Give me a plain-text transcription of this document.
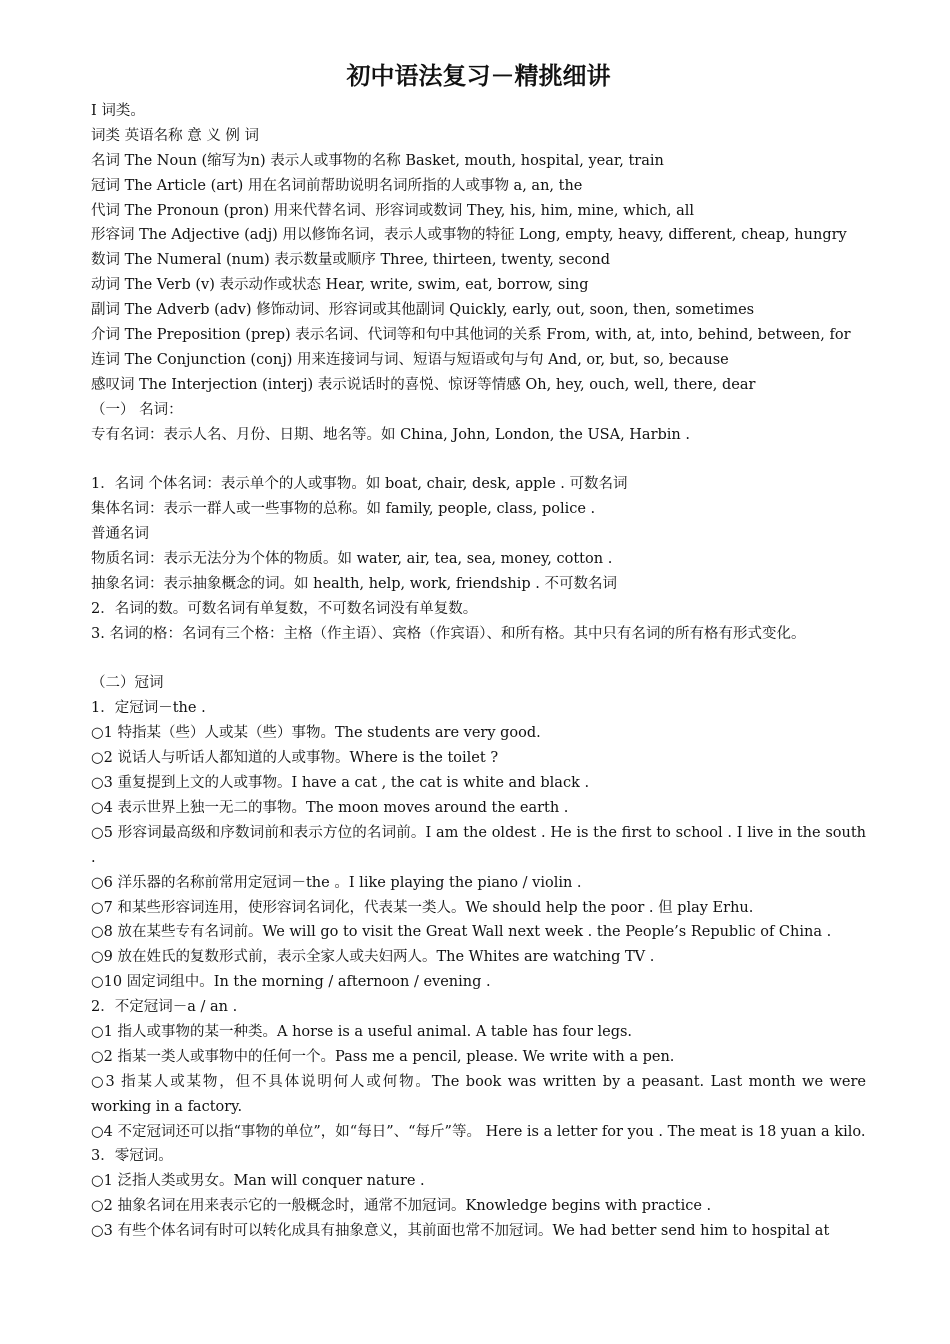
初中语法复习－精挑细讲
Ⅰ 词类。
词类 英语名称 意 义 例 词
名词 The Noun (缩写为n) 表示人或事物的名称 Basket, mouth, hospital, year, train
冠词 The Article (art) 用在名词前帮助说明名词所指的人或事物 a, an, the
代词 The Pronoun (pron) 用来代替名词、形容词或数词 They, his, him, mine, which, all
形容词 The Adjective (adj) 用以修饰名词，表示人或事物的特征 Long, empty, heavy, different, cheap, hungry
数词 The Numeral (num) 表示数量或顺序 Three, thirteen, twenty, second
动词 The Verb (v) 表示动作或状态 Hear, write, swim, eat, borrow, sing
副词 The Adverb (adv) 修饰动词、形容词或其他副词 Quickly, early, out, soon, then, sometimes
介词 The Preposition (prep) 表示名词、代词等和句中其他词的关系 From, with, at, into, behind, between, for
连词 The Conjunction (conj) 用来连接词与词、短语与短语或句与句 And, or, but, so, because
感叹词 The Interjection (interj) 表示说话时的喜悦、惊讶等情感 Oh, hey, ouch, well, there, dear
（一） 名词：
专有名词：表示人名、月份、日期、地名等。如 China, John, London, the USA, Harbin .
1．名词 个体名词：表示单个的人或事物。如 boat, chair, desk, apple . 可数名词
集体名词：表示一群人或一些事物的总称。如 family, people, class, police .
普通名词
物质名词：表示无法分为个体的物质。如 water, air, tea, sea, money, cotton .
抽象名词：表示抽象概念的词。如 health, help, work, friendship . 不可数名词
2．名词的数。可数名词有单复数，不可数名词没有单复数。
3. 名词的格：名词有三个格：主格（作主语）、宾格（作宾语）、和所有格。其中只有名词的所有格有形式变化。
（二）冠词
1．定冠词－the .
○1 特指某（些）人或某（些）事物。The students are very good.
○2 说话人与听话人都知道的人或事物。Where is the toilet ?
○3 重复提到上文的人或事物。I have a cat , the cat is white and black .
○4 表示世界上独一无二的事物。The moon moves around the earth .
○5 形容词最高级和序数词前和表示方位的名词前。I am the oldest . He is the first to school . I live in the south .
○6 洋乐器的名称前常用定冠词－the 。I like playing the piano / violin .
○7 和某些形容词连用，使形容词名词化，代表某一类人。We should help the poor . 但 play Erhu.
○8 放在某些专有名词前。We will go to visit the Great Wall next week . the People’s Republic of China .
○9 放在姓氏的复数形式前，表示全家人或夫妇两人。The Whites are watching TV .
○10 固定词组中。In the morning / afternoon / evening .
2．不定冠词－a / an .
○1 指人或事物的某一种类。A horse is a useful animal. A table has four legs.
○2 指某一类人或事物中的任何一个。Pass me a pencil, please. We write with a pen.
○3 指某人或某物，但不具体说明何人或何物。The book was written by a peasant. Last month we were working in a factory.
○4 不定冠词还可以指“事物的单位”，如“每日”、“每斤”等。 Here is a letter for you . The meat is 18 yuan a kilo.
3．零冠词。
○1 泛指人类或男女。Man will conquer nature .
○2 抽象名词在用来表示它的一般概念时，通常不加冠词。Knowledge begins with practice .
○3 有些个体名词有时可以转化成具有抽象意义，其前面也常不加冠词。We had better send him to hospital at
